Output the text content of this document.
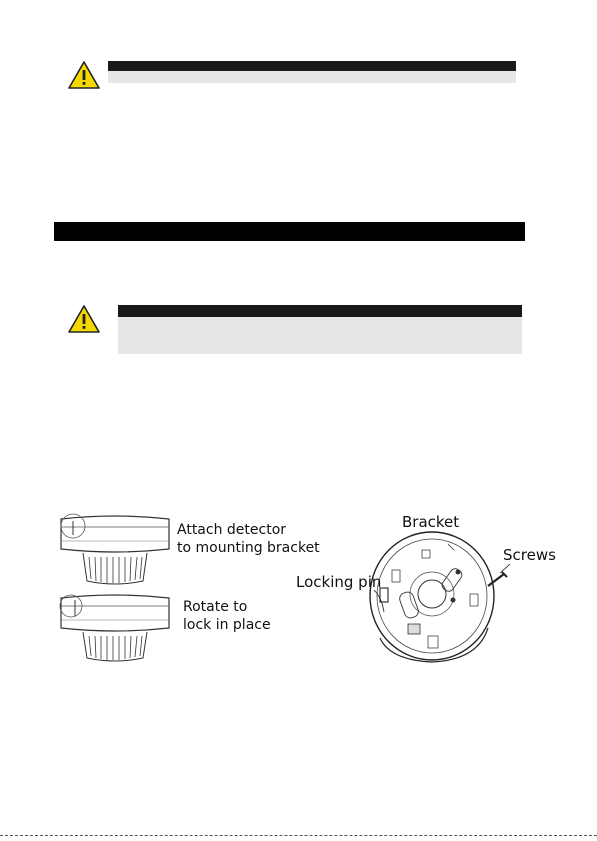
Attach detector
to mounting bracket
Rotate to
lock in place
Bracket
Screws
Locking pin
